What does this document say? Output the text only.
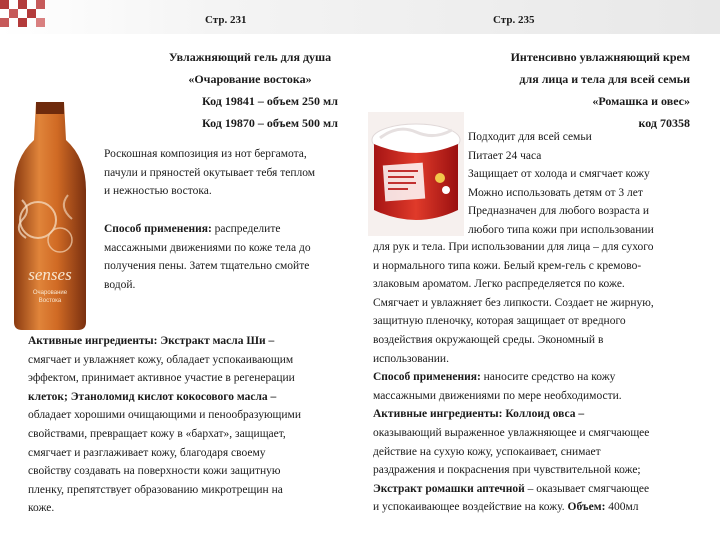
Стр. 231	Стр. 235
senses
Очарование
Востока
Увлажняющий гель для душа
«Очарование востока»
Код 19841 – объем 250 мл
Код 19870 – объем 500 мл
Роскошная композиция из нот бергамота,
пачули и пряностей окутывает тебя теплом
и нежностью востока.
Способ применения: распределите
массажными движениями по коже тела до
получения пены. Затем тщательно смойте
водой.
Активные ингредиенты: Экстракт масла Ши –
смягчает и увлажняет кожу, обладает успокаивающим
эффектом, принимает активное участие в регенерации
клеток; Этаноломид кислот кокосового масла –
обладает хорошими очищающими и пенообразующими
свойствами, превращает кожу в «бархат», защищает,
смягчает и разглаживает кожу, благодаря своему
свойству создавать на поверхности кожи защитную
пленку, препятствует образованию микротрещин на
коже.
Интенсивно увлажняющий крем
для лица и тела для всей семьи
«Ромашка и овес»
код 70358
Подходит для всей семьи
Питает 24 часа
Защищает от холода и смягчает кожу
Можно использовать детям от 3 лет
Предназначен для любого возраста и
любого типа кожи при использовании
для рук и тела. При использовании для лица – для сухого
и нормального типа кожи. Белый крем-гель с кремово-
злаковым ароматом. Легко распределяется по коже.
Смягчает и увлажняет без липкости. Создает не жирную,
защитную пленочку, которая защищает от вредного
воздействия окружающей среды. Экономный в
использовании.
Способ применения: наносите средство на кожу
массажными движениями по мере необходимости.
Активные ингредиенты: Коллоид овса –
оказывающий выраженное увлажняющее и смягчающее
действие на сухую кожу, успокаивает, снимает
раздражения и покраснения при чувствительной коже;
Экстракт ромашки аптечной – оказывает смягчающее
и успокаивающее воздействие на кожу. Объем: 400мл
